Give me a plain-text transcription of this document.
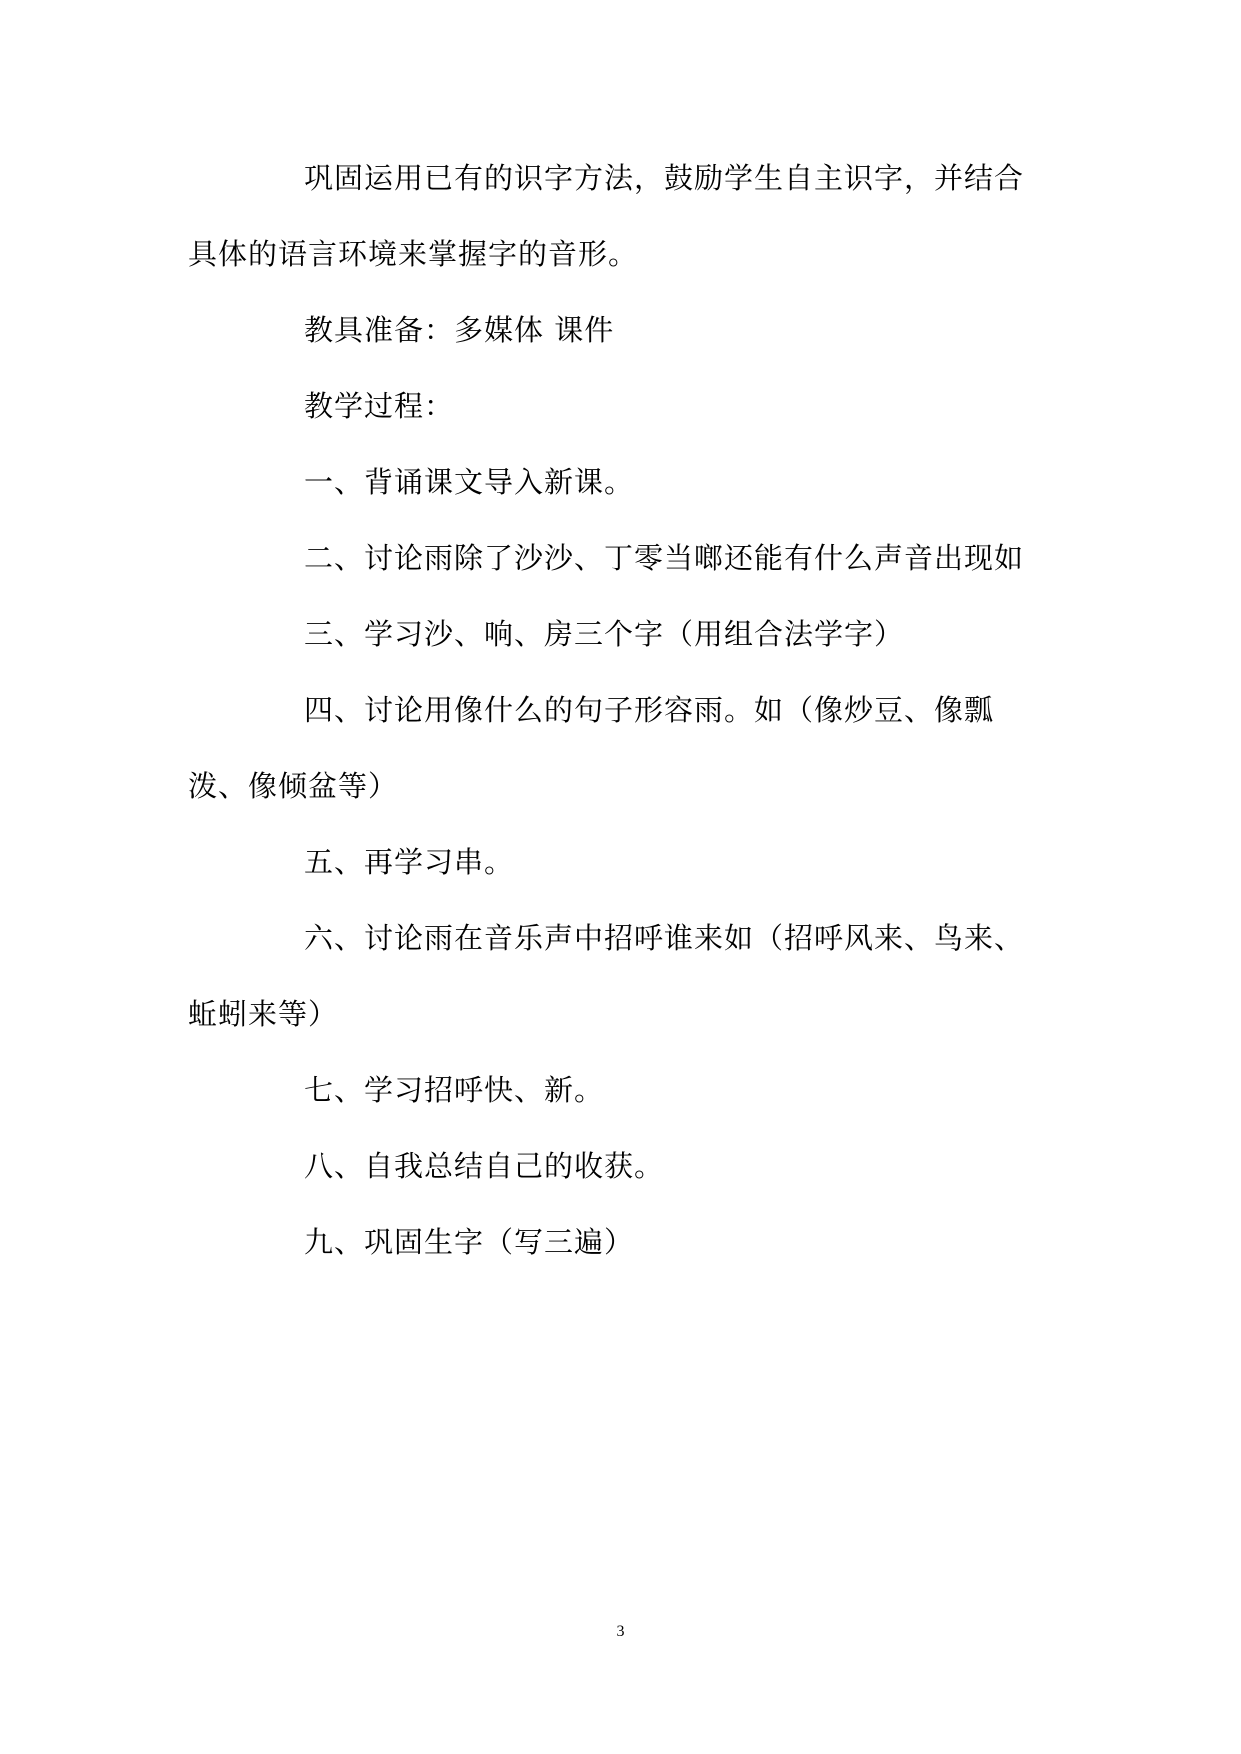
巩固运用已有的识字方法，鼓励学生自主识字，并结合具体的语言环境来掌握字的音形。

教具准备：多媒体 课件

教学过程：

一、背诵课文导入新课。

二、讨论雨除了沙沙、丁零当啷还能有什么声音出现如

三、学习沙、响、房三个字（用组合法学字）

四、讨论用像什么的句子形容雨。如（像炒豆、像瓢泼、像倾盆等）

五、再学习串。

六、讨论雨在音乐声中招呼谁来如（招呼风来、鸟来、蚯蚓来等）

七、学习招呼快、新。

八、自我总结自己的收获。

九、巩固生字（写三遍）

3
